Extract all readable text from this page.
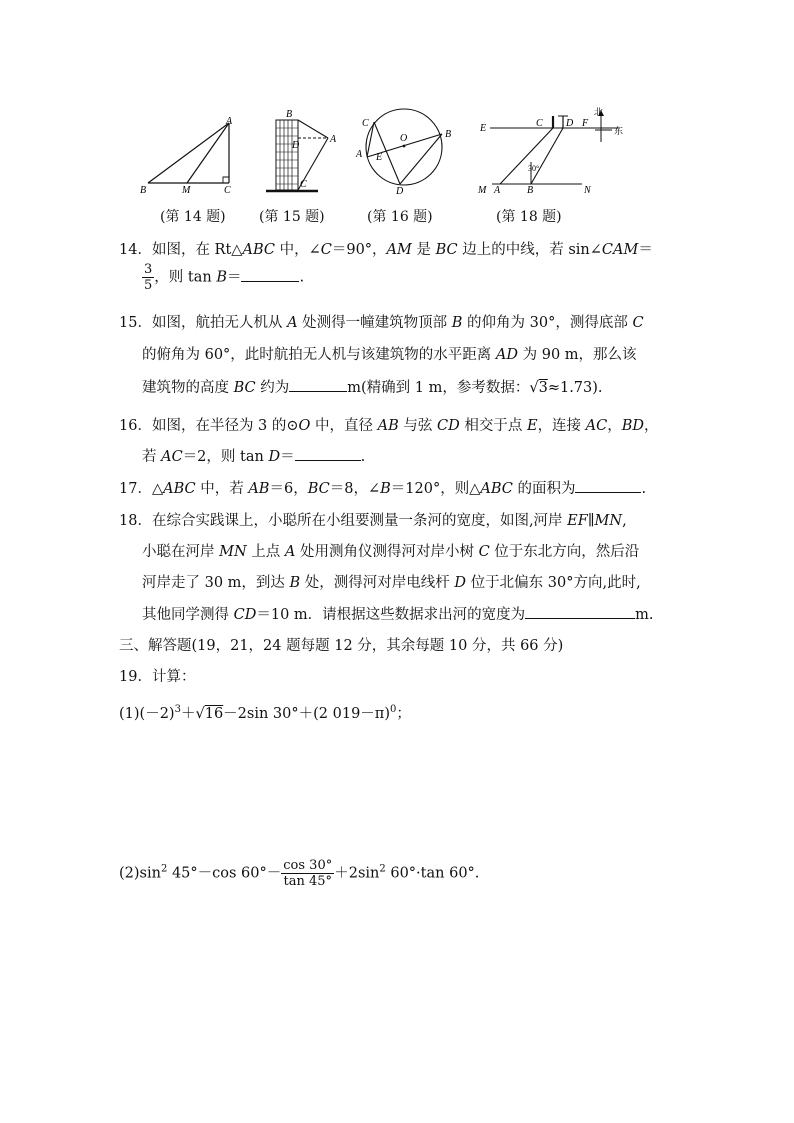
A
B	M	C
(第 14 题)
B
D
A
C
(第 15 题)
C
O	B
A E
D
(第 16 题)
北
东
30°
E	C D F
M A	B	N
(第 18 题)
14．如图，在 Rt△ABC 中，∠C＝90°，AM 是 BC 边上的中线，若 sin∠CAM＝
$\frac{3}{5}$ ，则 tan B＝	.
15．如图，航拍无人机从 A 处测得一幢建筑物顶部 B 的仰角为 30°，测得底部 C
的俯角为 60°，此时航拍无人机与该建筑物的水平距离 AD 为 90 m，那么该
建筑物的高度 BC 约为	m(精确到 1 m，参考数据：√3≈1.73).
16．如图，在半径为 3 的⊙O 中，直径 AB 与弦 CD 相交于点 E，连接 AC，BD，
若 AC＝2，则 tan D＝	.
17．△ABC 中，若 AB＝6，BC＝8，∠B＝120°，则△ABC 的面积为	.
18．在综合实践课上，小聪所在小组要测量一条河的宽度，如图,河岸 EF∥MN,
小聪在河岸 MN 上点 A 处用测角仪测得河对岸小树 C 位于东北方向，然后沿
河岸走了 30 m，到达 B 处，测得河对岸电线杆 D 位于北偏东 30°方向,此时,
其他同学测得 CD＝10 m．请根据这些数据求出河的宽度为	m.
三、解答题(19，21，24 题每题 12 分，其余每题 10 分，共 66 分)
19．计算：
$(1)(-2)^3+√16-2\sin$ 30°＋(2 019－π)$^0$；
$(2)\sin^2$ 45°－cos $60^\circ- \frac{\cos 30^\circ}{\tan 45^\circ} +2\sin^2$ 60°·tan 60°.
